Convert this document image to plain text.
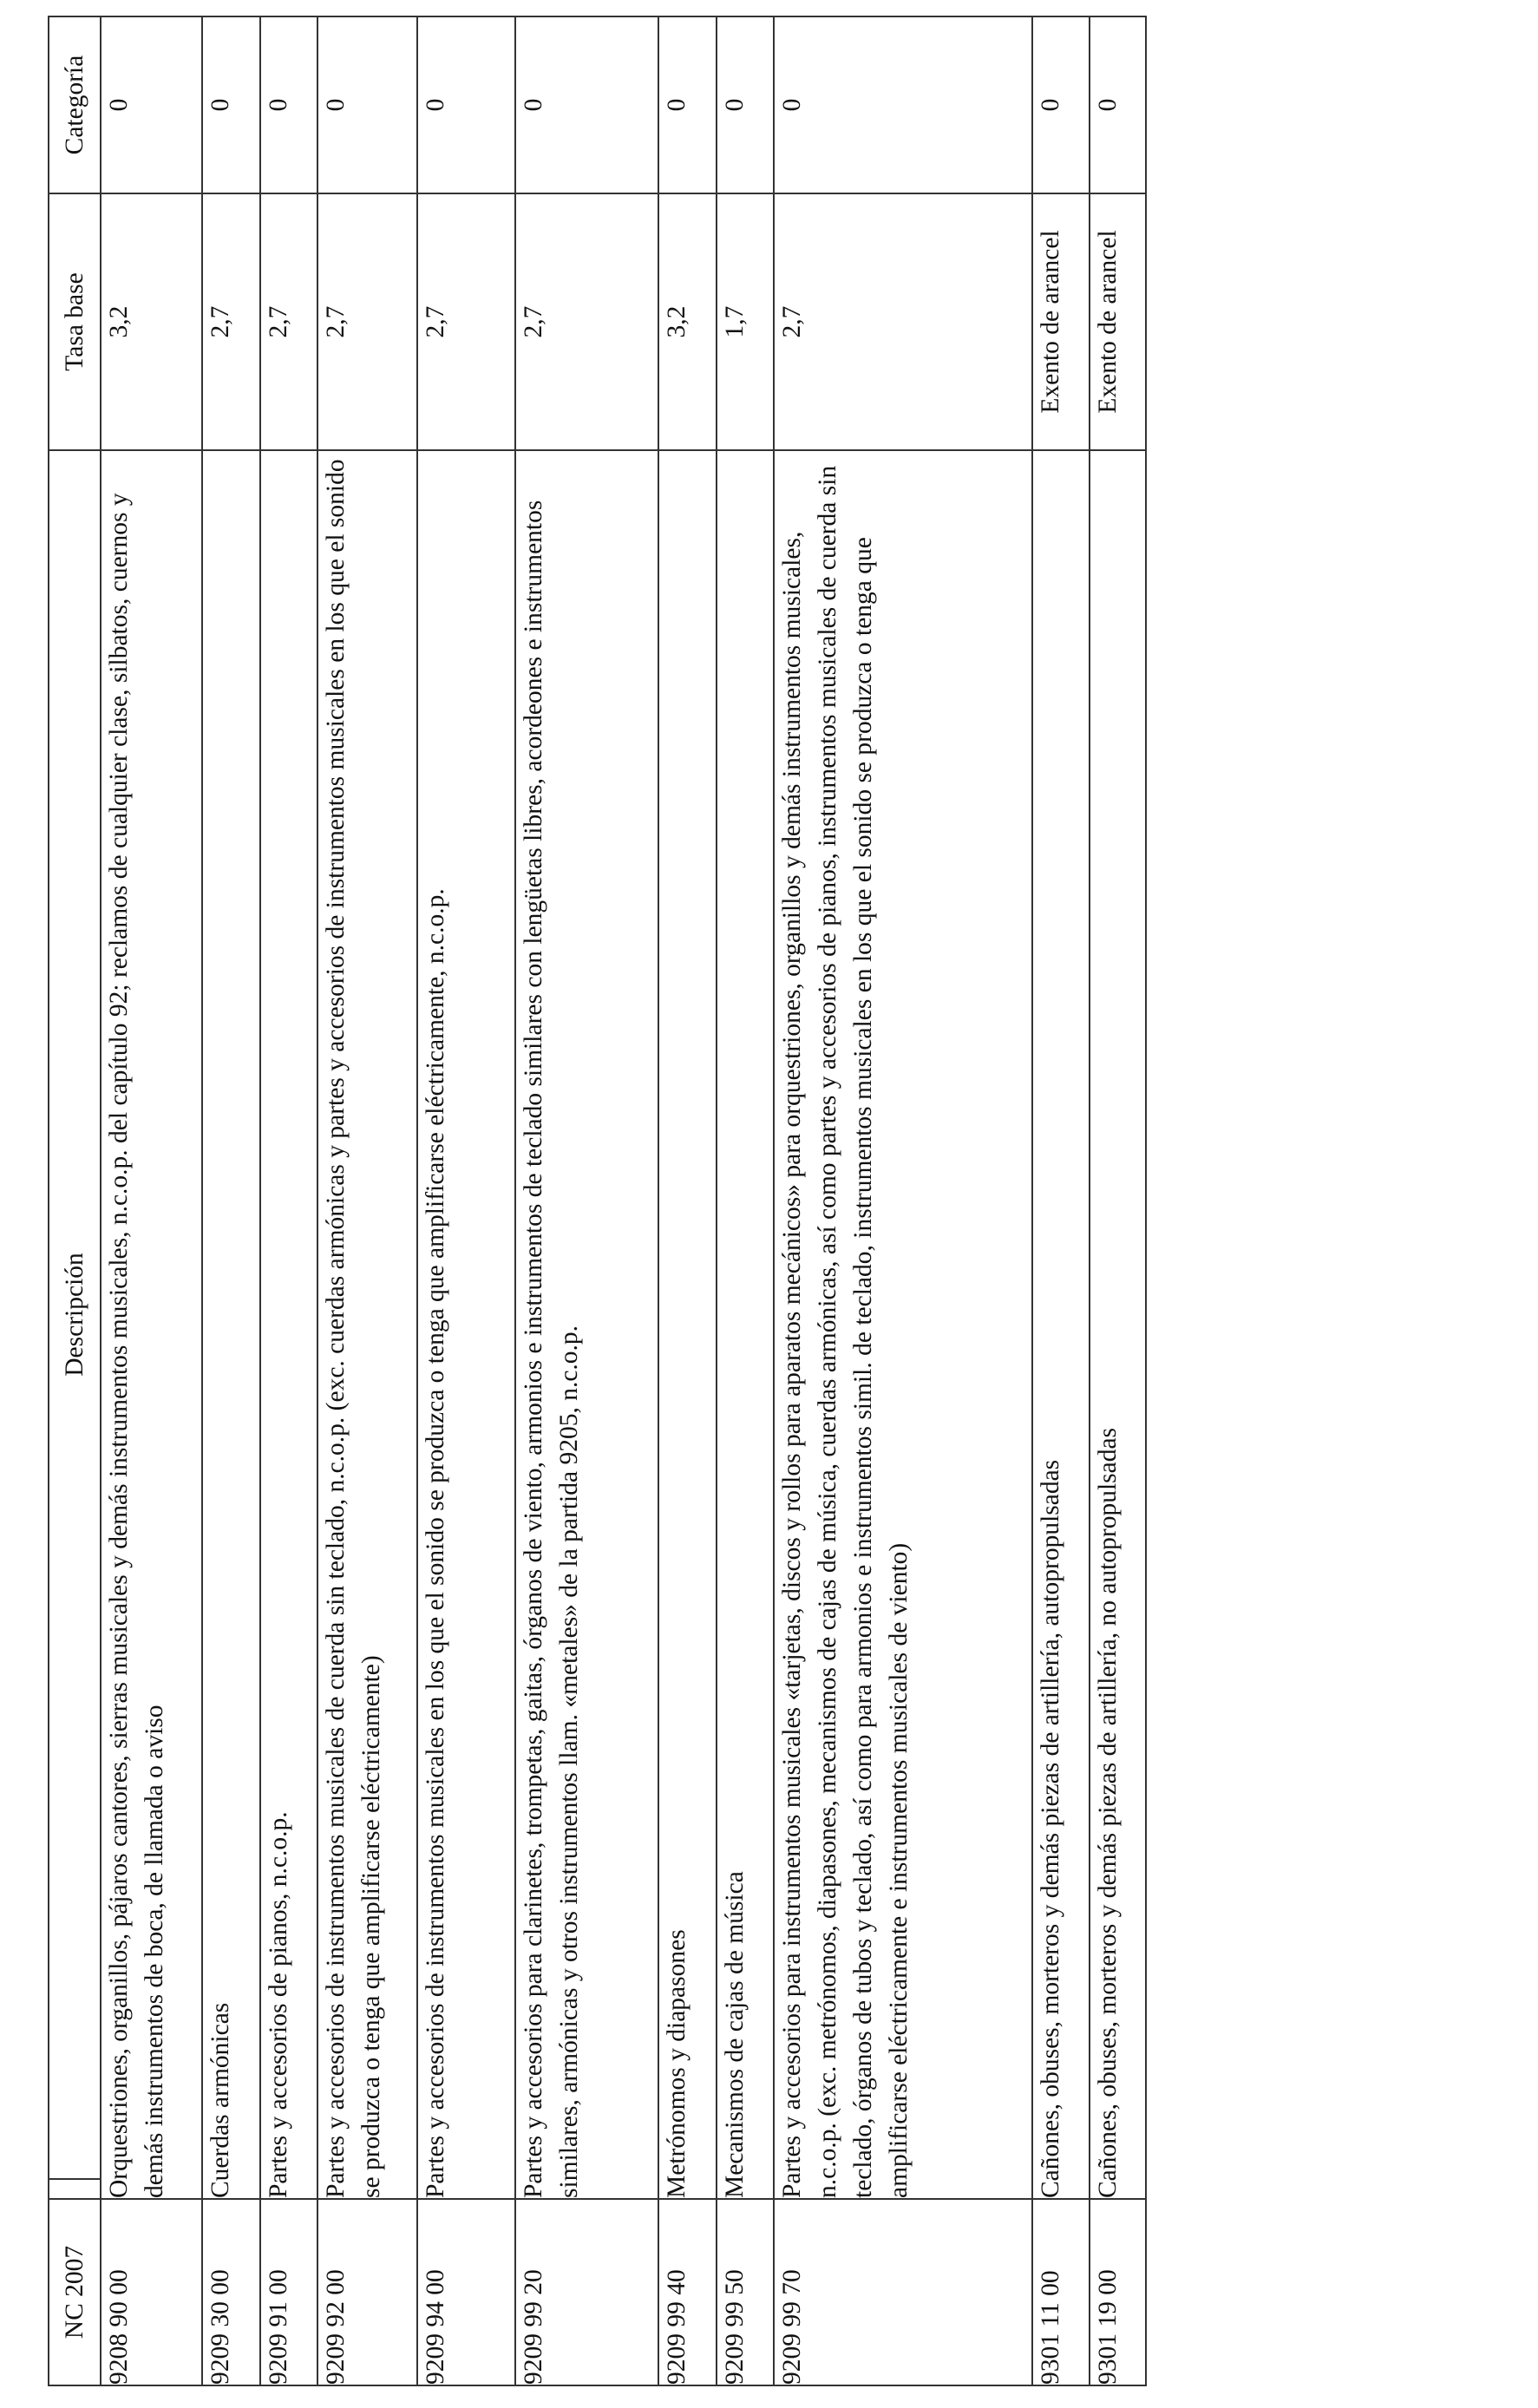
NC 2007		Descripción	Tasa base	Categoría
9208 90 00	Orquestriones, organillos, pájaros cantores, sierras musicales y demás instrumentos musicales, n.c.o.p. del capítulo 92; reclamos de cualquier clase, silbatos, cuernos y demás instrumentos de boca, de llamada o aviso		3,2	0
9209 30 00	Cuerdas armónicas		2,7	0
9209 91 00	Partes y accesorios de pianos, n.c.o.p.		2,7	0
9209 92 00	Partes y accesorios de instrumentos musicales de cuerda sin teclado, n.c.o.p. (exc. cuerdas armónicas y partes y accesorios de instrumentos musicales en los que el sonido se produzca o tenga que amplificarse eléctricamente)		2,7	0
9209 94 00	Partes y accesorios de instrumentos musicales en los que el sonido se produzca o tenga que amplificarse eléctricamente, n.c.o.p.		2,7	0
9209 99 20	Partes y accesorios para clarinetes, trompetas, gaitas, órganos de viento, armonios e instrumentos de teclado similares con lengüetas libres, acordeones e instrumentos similares, armónicas y otros instrumentos llam. «metales» de la partida 9205, n.c.o.p.		2,7	0
9209 99 40	Metrónomos y diapasones		3,2	0
9209 99 50	Mecanismos de cajas de música		1,7	0
9209 99 70	Partes y accesorios para instrumentos musicales «tarjetas, discos y rollos para aparatos mecánicos» para orquestriones, organillos y demás instrumentos musicales, n.c.o.p. (exc. metrónomos, diapasones, mecanismos de cajas de música, cuerdas armónicas, así como partes y accesorios de pianos, instrumentos musicales de cuerda sin teclado, órganos de tubos y teclado, así como para armonios e instrumentos simil. de teclado, instrumentos musicales en los que el sonido se produzca o tenga que amplificarse eléctricamente e instrumentos musicales de viento)		2,7	0
9301 11 00	Cañones, obuses, morteros y demás piezas de artillería, autopropulsadas		Exento de arancel	0
9301 19 00	Cañones, obuses, morteros y demás piezas de artillería, no autopropulsadas		Exento de arancel	0
